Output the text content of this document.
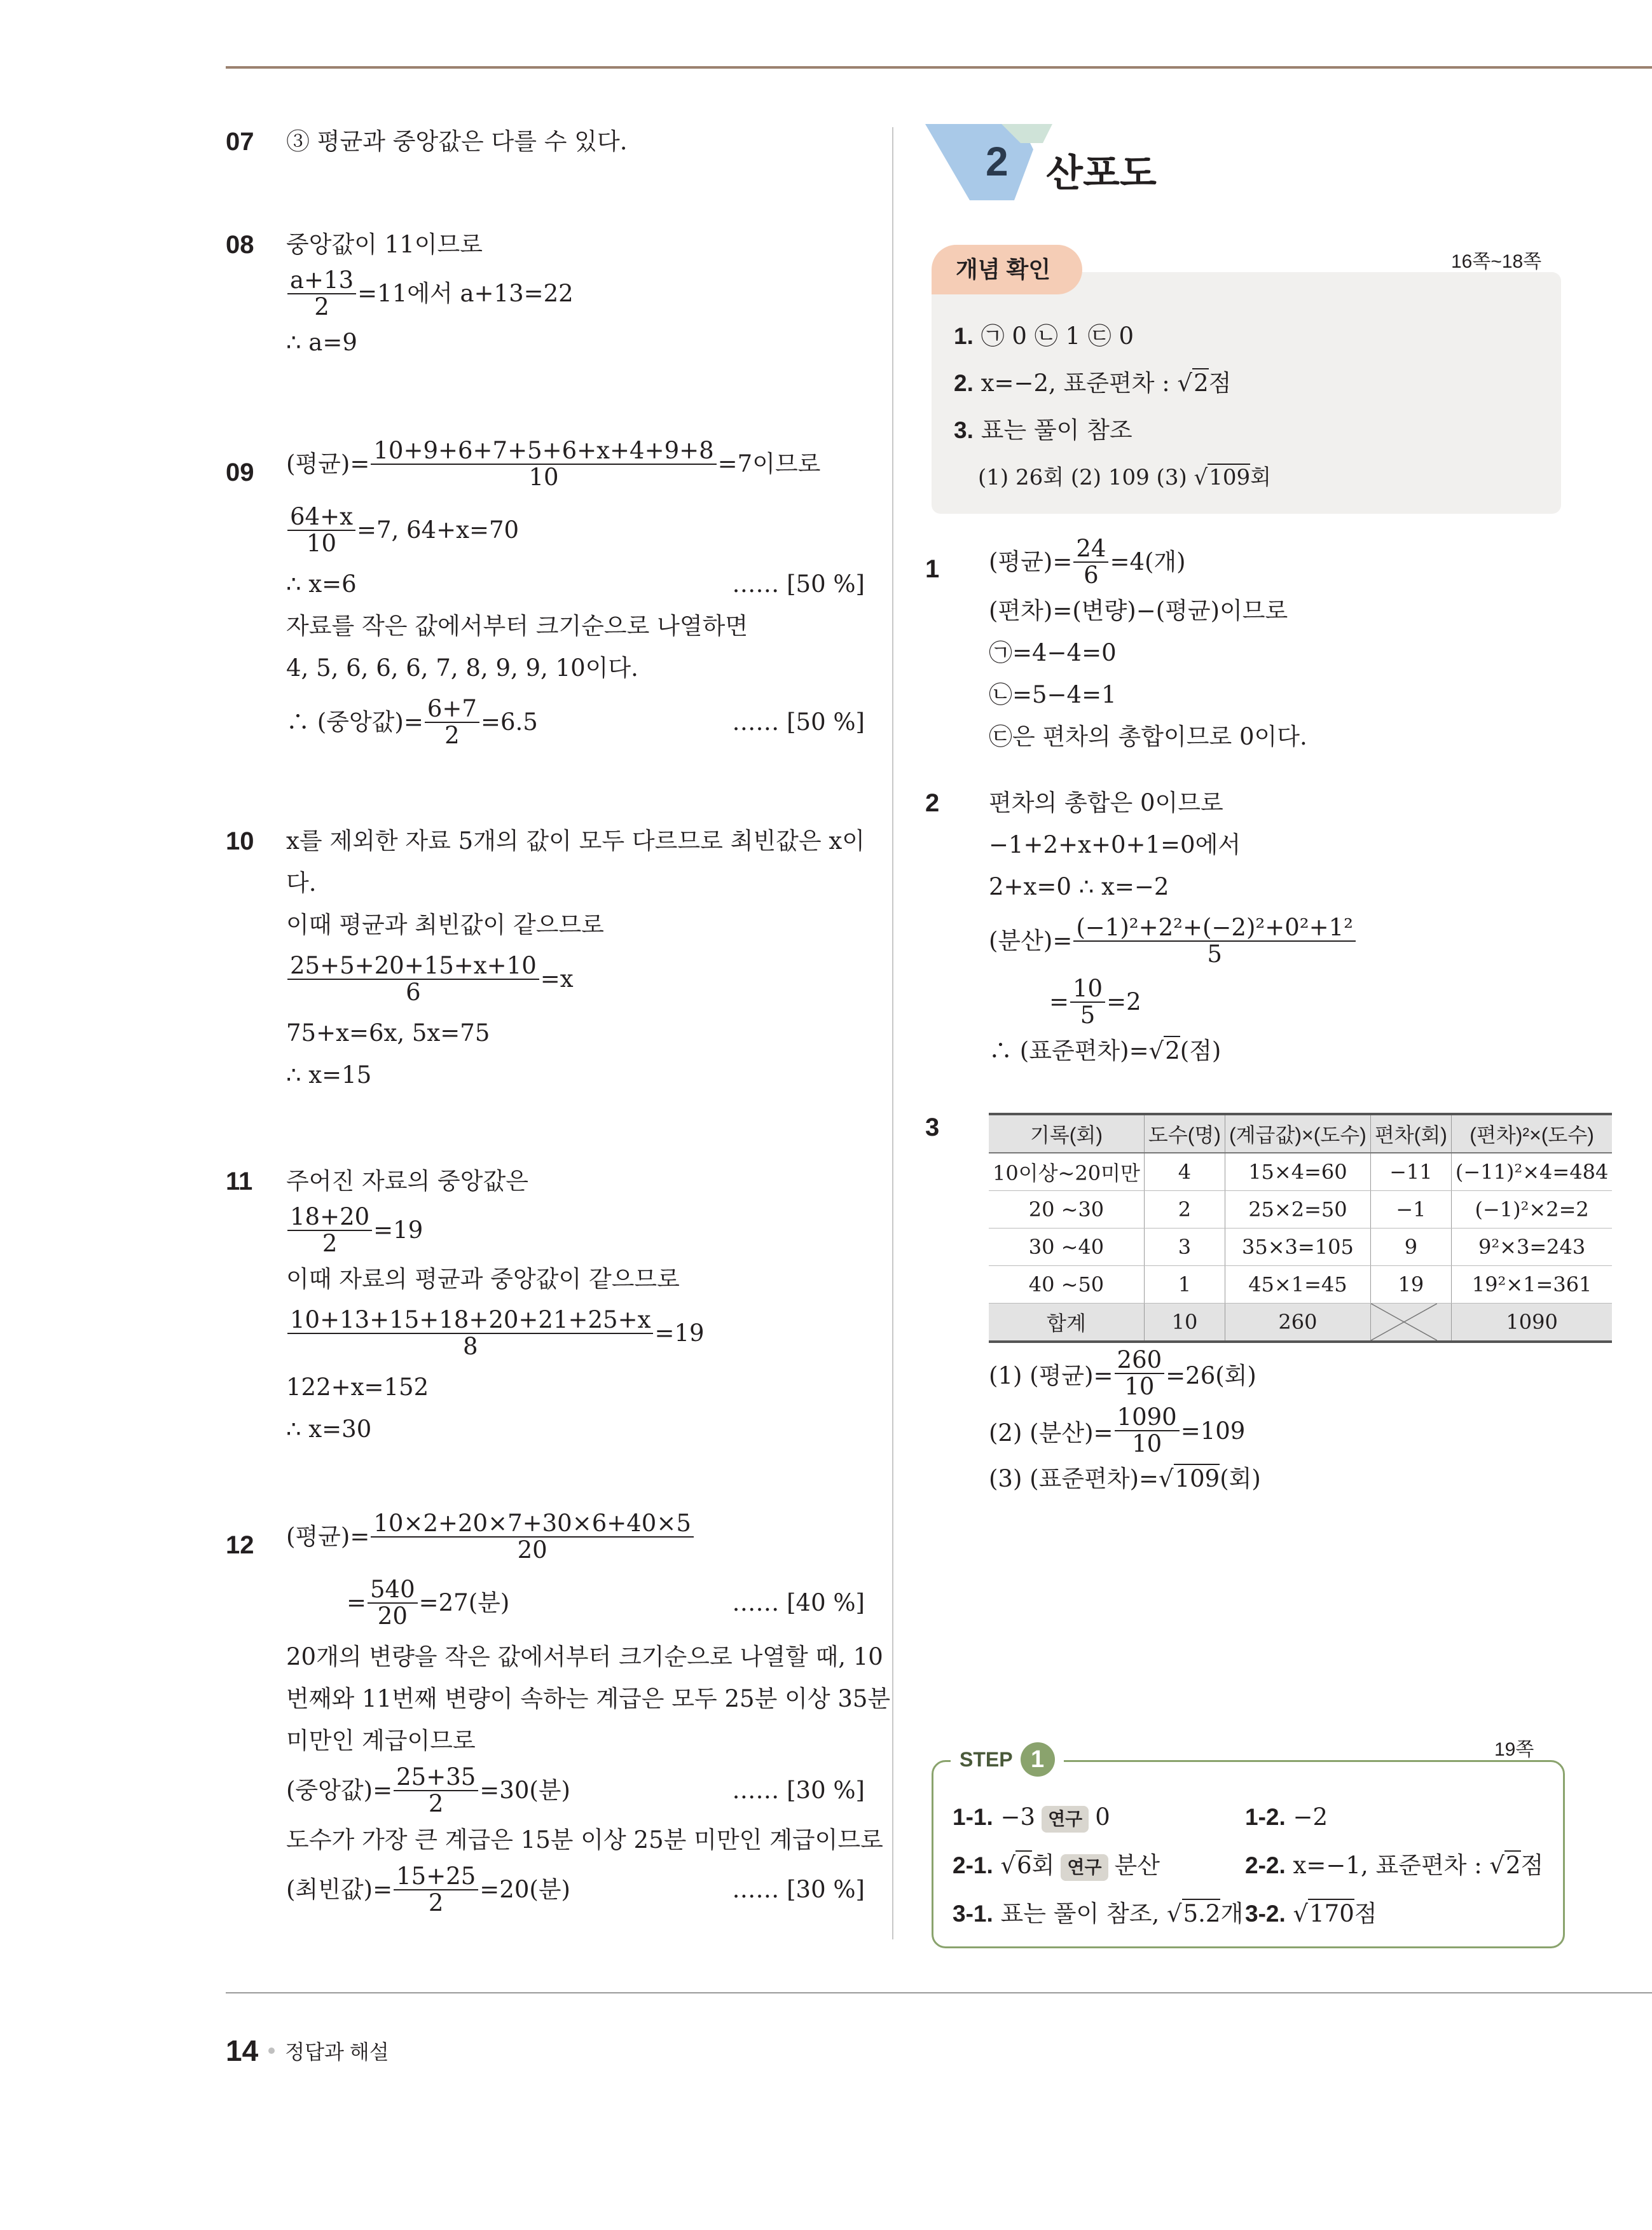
07 ③ 평균과 중앙값은 다를 수 있다.
08 중앙값이 11이므로
$\frac{a+13}{2} =11$에서 a+13=22
∴ a=9
09 (평균)= $\frac{10+9+6+7+5+6+x+4+9+8}{10} =7$이므로
$\frac{64+x}{10} =7$, 64+x=70
∴ x=6	…… [50 %]
자료를 작은 값에서부터 크기순으로 나열하면
4, 5, 6, 6, 6, 7, 8, 9, 9, 10이다.
∴ (중앙값)= $\frac{6+7}{2} =6.5$	…… [50 %]
10 x를 제외한 자료 5개의 값이 모두 다르므로 최빈값은 x이
다.
이때 평균과 최빈값이 같으므로
$\frac{25+5+20+15+x+10}{6} =x$
75+x=6x, 5x=75
∴ x=15
11 주어진 자료의 중앙값은
$\frac{18+20}{2} =19$
이때 자료의 평균과 중앙값이 같으므로
$\frac{10+13+15+18+20+21+25+x}{8} =19$
122+x=152
∴ x=30
12 (평균)= $\frac{10\times 2+20\times 7+30\times 6+40\times 5}{20}$
= $\frac{540}{20} =27$(분)	…… [40 %]
20개의 변량을 작은 값에서부터 크기순으로 나열할 때, 10
번째와 11번째 변량이 속하는 계급은 모두 25분 이상 35분
미만인 계급이므로
(중앙값)= $\frac{25+35}{2} =30$(분)	…… [30 %]
도수가 가장 큰 계급은 15분 이상 25분 미만인 계급이므로
(최빈값)= $\frac{15+25}{2} =20$(분)	…… [30 %]
2 산포도
16쪽~18쪽
개념 확인
1. ㉠ 0 ㉡ 1 ㉢ 0
2. x=−2, 표준편차 : √2점
3. 표는 풀이 참조
(1) 26회 (2) 109 (3) √109회
1 (평균)= $\frac{24}{6} =4$(개)
(편차)=(변량)−(평균)이므로
㉠=4−4=0
㉡=5−4=1
㉢은 편차의 총합이므로 0이다.
2 편차의 총합은 0이므로
−1+2+x+0+1=0에서
2+x=0 ∴ x=−2
(분산)= $\frac{\text{(−1)²+2²+(−2)²+0²+1²}}{5}$
= $\frac{10}{5} =2$
∴ (표준편차)=√2(점)
3	기록(회)	도수(명)	(계급값)×(도수)	편차(회)	(편차)²×(도수)
10이상~20미만	4	15×4=60	−11	(−11)²×4=484
20 ~30	2	25×2=50	−1	(−1)²×2=2
30 ~40	3	35×3=105	9	9²×3=243
40 ~50	1	45×1=45	19	19²×1=361
합계	10	260		1090
(1) (평균)= $\frac{260}{10} =26$(회)
(2) (분산)= $\frac{1090}{10} =109$
(3) (표준편차)=√109(회)
19쪽
STEP 1
1-1. −3 연구 0	1-2. −2
2-1. √6회 연구 분산	2-2. x=−1, 표준편차 : √2점
3-1. 표는 풀이 참조, √5.2개 3-2. √170점
14 정답과 해설
